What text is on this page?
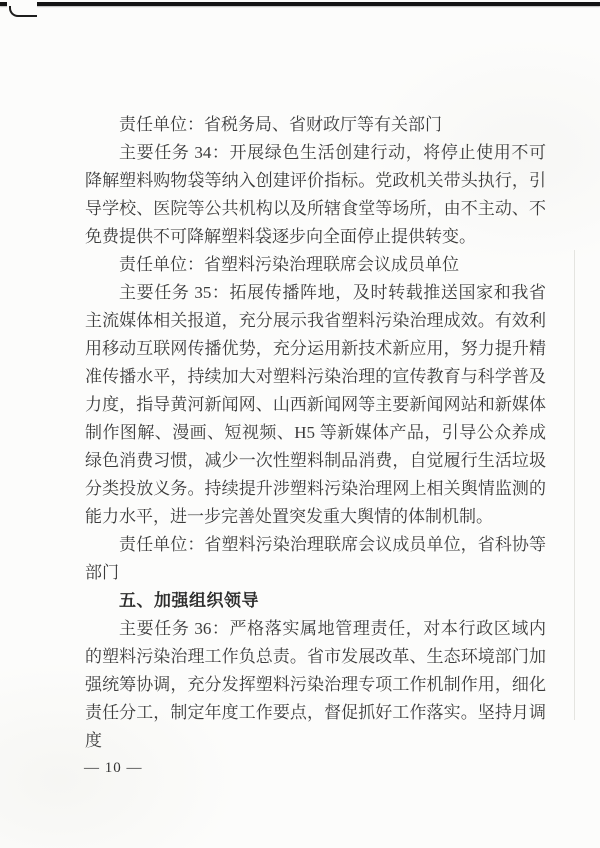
责任单位：省税务局、省财政厅等有关部门

主要任务 34：开展绿色生活创建行动，将停止使用不可降解塑料购物袋等纳入创建评价指标。党政机关带头执行，引导学校、医院等公共机构以及所辖食堂等场所，由不主动、不免费提供不可降解塑料袋逐步向全面停止提供转变。

责任单位：省塑料污染治理联席会议成员单位

主要任务 35：拓展传播阵地，及时转载推送国家和我省主流媒体相关报道，充分展示我省塑料污染治理成效。有效利用移动互联网传播优势，充分运用新技术新应用，努力提升精准传播水平，持续加大对塑料污染治理的宣传教育与科学普及力度，指导黄河新闻网、山西新闻网等主要新闻网站和新媒体制作图解、漫画、短视频、H5 等新媒体产品，引导公众养成绿色消费习惯，减少一次性塑料制品消费，自觉履行生活垃圾分类投放义务。持续提升涉塑料污染治理网上相关舆情监测的能力水平，进一步完善处置突发重大舆情的体制机制。

责任单位：省塑料污染治理联席会议成员单位，省科协等部门

五、加强组织领导

主要任务 36：严格落实属地管理责任，对本行政区域内的塑料污染治理工作负总责。省市发展改革、生态环境部门加强统筹协调，充分发挥塑料污染治理专项工作机制作用，细化责任分工，制定年度工作要点，督促抓好工作落实。坚持月调度

— 10 —
